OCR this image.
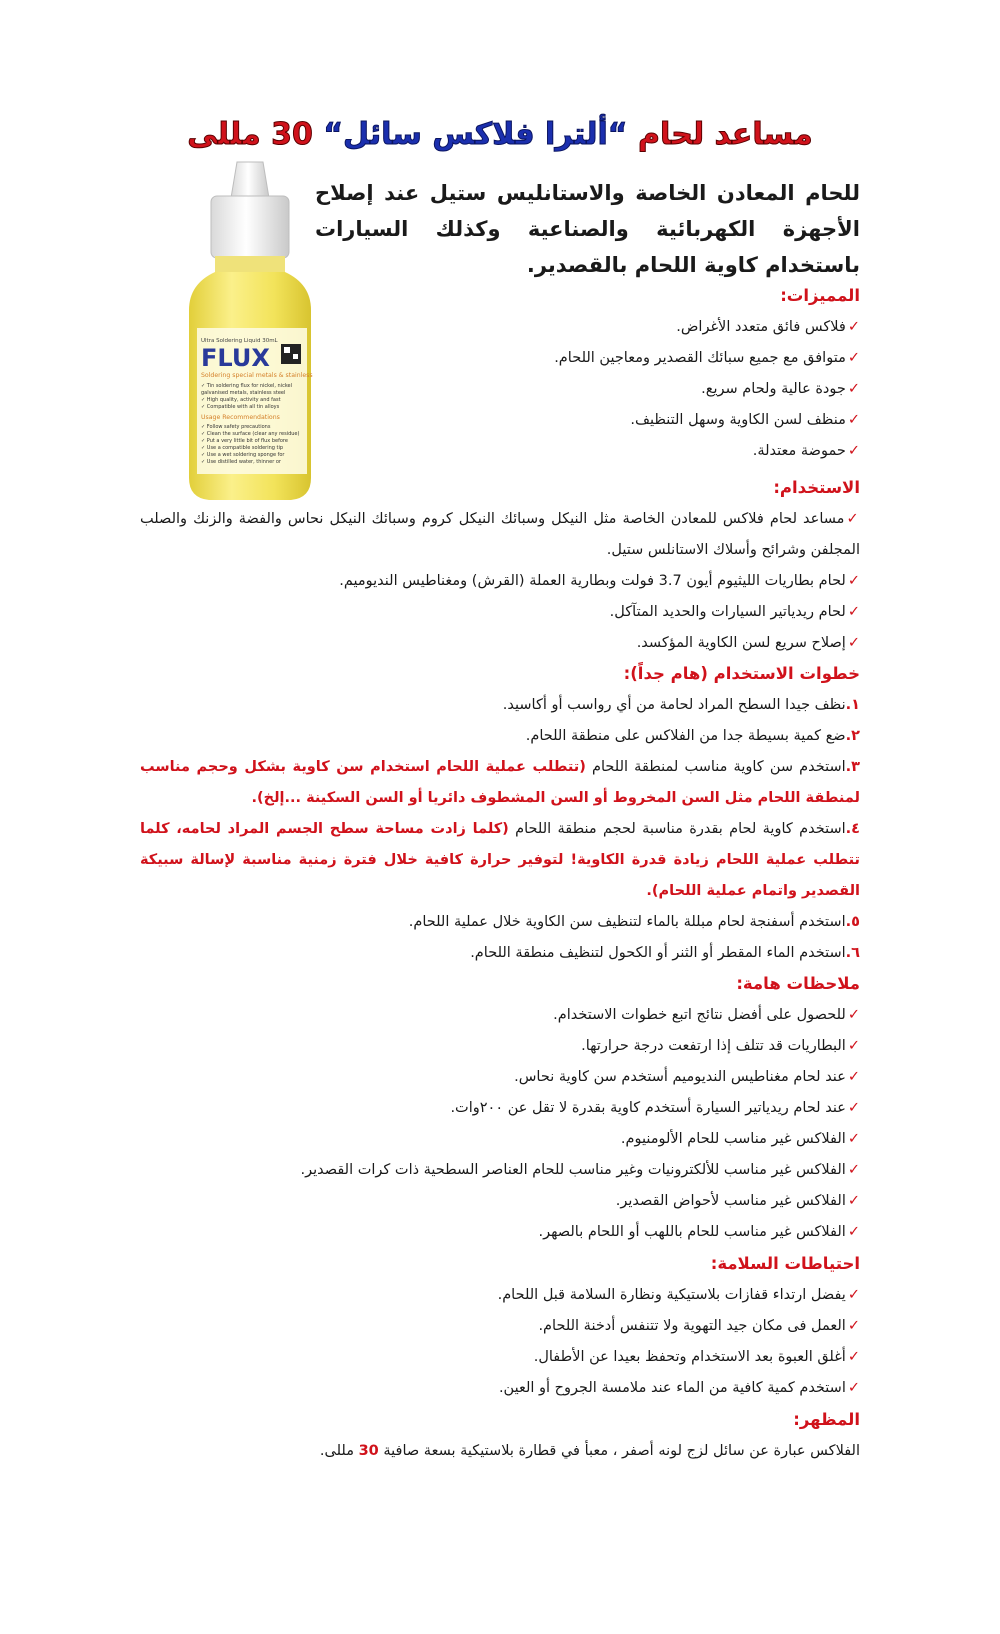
مساعد لحام “ألترا فلاكس سائل“ 30 مللى
Ultra Soldering Liquid 30mL
FLUX
Soldering special metals & stainless
✓ Tin soldering flux for nickel, nickel
galvanised metals, stainless steel
✓ High quality, activity and fast
✓ Compatible with all tin alloys
Usage Recommendations
✓ Follow safety precautions
✓ Clean the surface (clear any residue)
✓ Put a very little bit of flux before
✓ Use a compatible soldering tip
✓ Use a wet soldering sponge for
✓ Use distilled water, thinner or
للحام المعادن الخاصة والاستانليس ستيل عند إصلاح الأجهزة الكهربائية والصناعية وكذلك السيارات باستخدام كاوية اللحام بالقصدير.
المميزات:
✓فلاكس فائق متعدد الأغراض.
✓متوافق مع جميع سبائك القصدير ومعاجين اللحام.
✓جودة عالية ولحام سريع.
✓منظف لسن الكاوية وسهل التنظيف.
✓حموضة معتدلة.
الاستخدام:
✓مساعد لحام فلاكس للمعادن الخاصة مثل النيكل وسبائك النيكل كروم وسبائك النيكل نحاس والفضة والزنك والصلب المجلفن وشرائح وأسلاك الاستانلس ستيل.
✓لحام بطاريات الليثيوم أيون 3.7 فولت وبطارية العملة (القرش) ومغناطيس النديوميم.
✓لحام ريدياتير السيارات والحديد المتآكل.
✓إصلاح سريع لسن الكاوية المؤكسد.
خطوات الاستخدام (هام جداً):
١.نظف جيدا السطح المراد لحامة من أي رواسب أو أكاسيد.
٢.ضع كمية بسيطة جدا من الفلاكس على منطقة اللحام.
٣.استخدم سن كاوية مناسب لمنطقة اللحام (تتطلب عملية اللحام استخدام سن كاوية بشكل وحجم مناسب لمنطقة اللحام مثل السن المخروط أو السن المشطوف دائريا أو السن السكينة ...إلخ).
٤.استخدم كاوية لحام بقدرة مناسبة لحجم منطقة اللحام (كلما زادت مساحة سطح الجسم المراد لحامه، كلما تتطلب عملية اللحام زيادة قدرة الكاوية! لتوفير حرارة كافية خلال فترة زمنية مناسبة لإسالة سبيكة القصدير واتمام عملية اللحام).
٥.استخدم أسفنجة لحام مبللة بالماء لتنظيف سن الكاوية خلال عملية اللحام.
٦.استخدم الماء المقطر أو الثنر أو الكحول لتنظيف منطقة اللحام.
ملاحظات هامة:
✓للحصول على أفضل نتائج اتبع خطوات الاستخدام.
✓البطاريات قد تتلف إذا ارتفعت درجة حرارتها.
✓عند لحام مغناطيس النديوميم أستخدم سن كاوية نحاس.
✓عند لحام ريدياتير السيارة أستخدم كاوية بقدرة لا تقل عن ٢٠٠وات.
✓الفلاكس غير مناسب للحام الألومنيوم.
✓الفلاكس غير مناسب للألكترونيات وغير مناسب للحام العناصر السطحية ذات كرات القصدير.
✓الفلاكس غير مناسب لأحواض القصدير.
✓الفلاكس غير مناسب للحام باللهب أو اللحام بالصهر.
احتياطات السلامة:
✓يفضل ارتداء قفازات بلاستيكية ونظارة السلامة قبل اللحام.
✓العمل فى مكان جيد التهوية ولا تتنفس أدخنة اللحام.
✓أغلق العبوة بعد الاستخدام وتحفظ بعيدا عن الأطفال.
✓استخدم كمية كافية من الماء عند ملامسة الجروح أو العين.
المظهر:
الفلاكس عبارة عن سائل لزج لونه أصفر ، معبأ في قطارة بلاستيكية بسعة صافية 30 مللى.
